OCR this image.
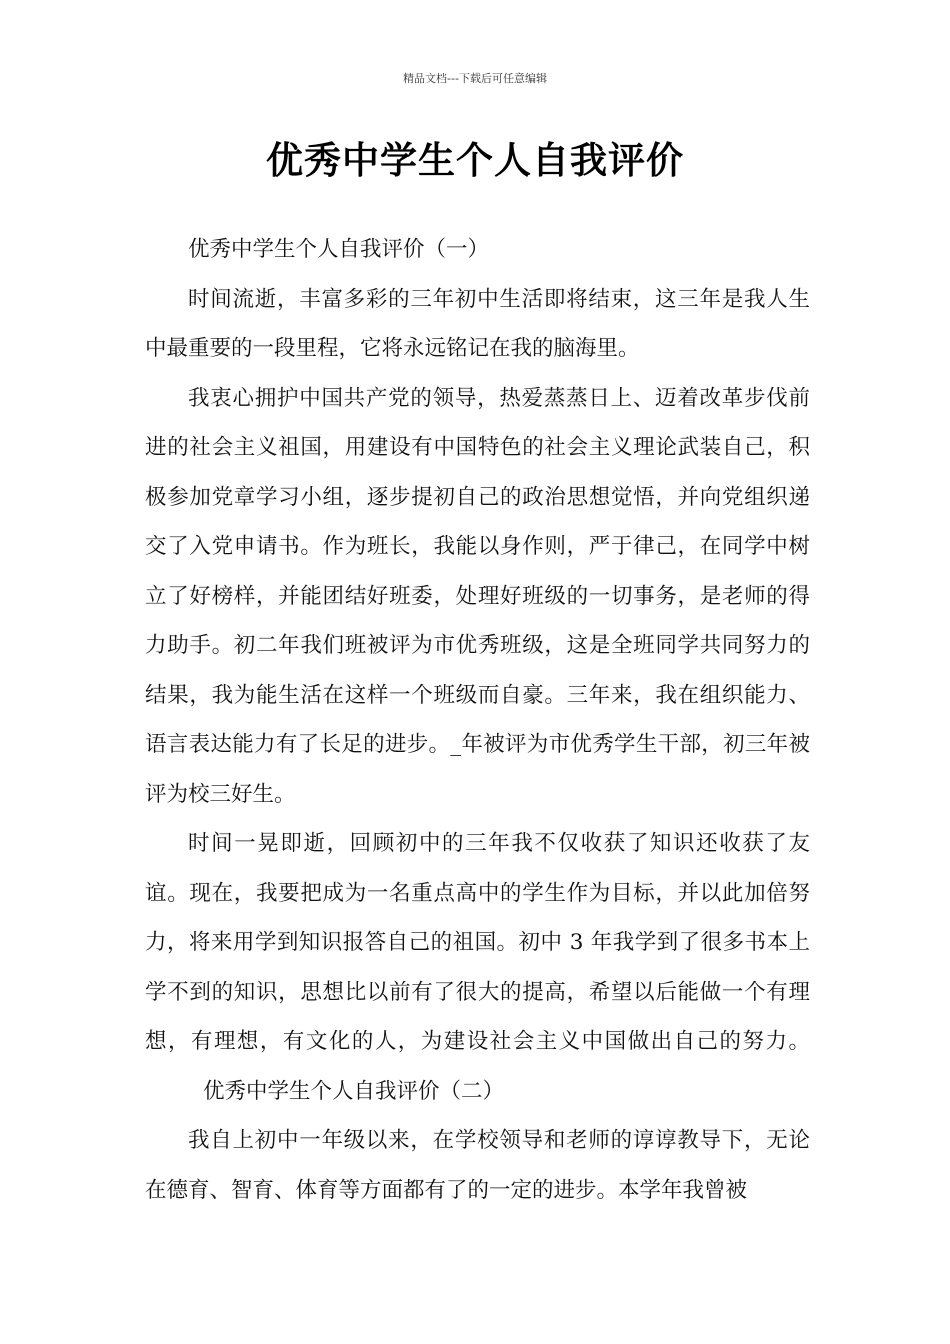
精品文档---下载后可任意编辑
优秀中学生个人自我评价

优秀中学生个人自我评价（一）

时间流逝，丰富多彩的三年初中生活即将结束，这三年是我人生中最重要的一段里程，它将永远铭记在我的脑海里。

我衷心拥护中国共产党的领导，热爱蒸蒸日上、迈着改革步伐前进的社会主义祖国，用建设有中国特色的社会主义理论武装自己，积极参加党章学习小组，逐步提初自己的政治思想觉悟，并向党组织递交了入党申请书。作为班长，我能以身作则，严于律己，在同学中树立了好榜样，并能团结好班委，处理好班级的一切事务，是老师的得力助手。初二年我们班被评为市优秀班级，这是全班同学共同努力的结果，我为能生活在这样一个班级而自豪。三年来，我在组织能力、语言表达能力有了长足的进步。_年被评为市优秀学生干部，初三年被评为校三好生。

时间一晃即逝，回顾初中的三年我不仅收获了知识还收获了友谊。现在，我要把成为一名重点高中的学生作为目标，并以此加倍努力，将来用学到知识报答自己的祖国。初中 3 年我学到了很多书本上学不到的知识，思想比以前有了很大的提高，希望以后能做一个有理想，有理想，有文化的人，为建设社会主义中国做出自己的努力。优秀中学生个人自我评价（二）

我自上初中一年级以来，在学校领导和老师的谆谆教导下，无论在德育、智育、体育等方面都有了的一定的进步。本学年我曾被
